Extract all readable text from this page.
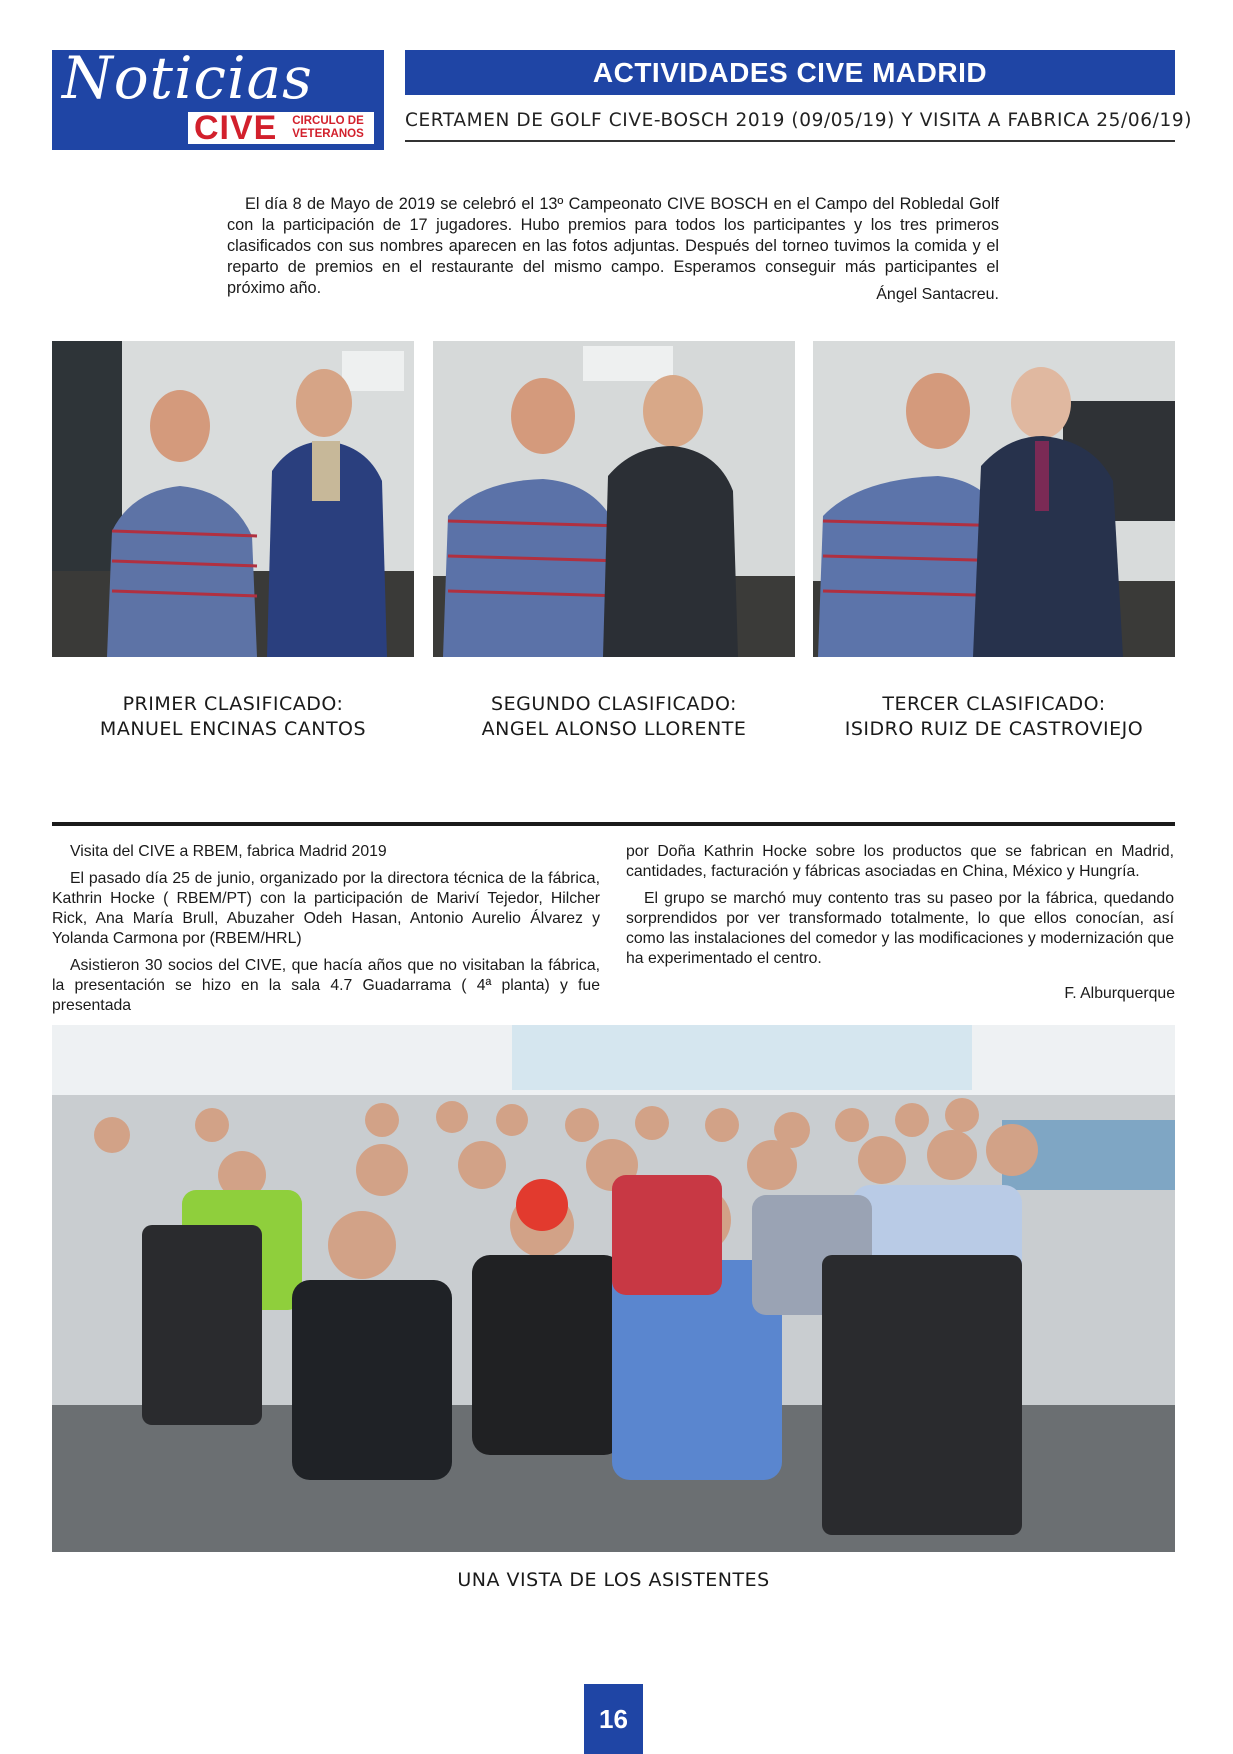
Noticias
CIVE	CIRCULO DE
VETERANOS
ACTIVIDADES CIVE MADRID
CERTAMEN DE GOLF CIVE-BOSCH 2019 (09/05/19) Y VISITA A FABRICA 25/06/19)

El día 8 de Mayo de 2019 se celebró el 13º Campeonato CIVE BOSCH en el Campo del Robledal Golf con la participación de 17 jugadores. Hubo premios para todos los participantes y los tres primeros clasificados con sus nombres aparecen en las fotos adjuntas. Después del torneo tuvimos la comida y el reparto de premios en el restaurante del mismo campo. Esperamos conseguir más participantes el próximo año.	Ángel Santacreu.
PRIMER CLASIFICADO:
MANUEL ENCINAS CANTOS
SEGUNDO CLASIFICADO:
ANGEL ALONSO LLORENTE
TERCER CLASIFICADO:
ISIDRO RUIZ DE CASTROVIEJO

Visita del CIVE a RBEM, fabrica Madrid 2019

El pasado día 25 de junio, organizado por la directora técnica de la fábrica, Kathrin Hocke ( RBEM/PT) con la participación de Mariví Tejedor, Hilcher Rick, Ana María Brull, Abuzaher Odeh Hasan, Antonio Aurelio Álvarez y Yolanda Carmona por (RBEM/HRL)

Asistieron 30 socios del CIVE, que hacía años que no visitaban la fábrica, la presentación se hizo en la sala 4.7 Guadarrama ( 4ª planta) y fue presentada

por Doña Kathrin Hocke sobre los productos que se fabrican en Madrid, cantidades, facturación y fábricas asociadas en China, México y Hungría.

El grupo se marchó muy contento tras su paseo por la fábrica, quedando sorprendidos por ver transformado totalmente, lo que ellos conocían, así como las instalaciones del comedor y las modificaciones y modernización que ha experimentado el centro.

F. Alburquerque
UNA VISTA DE LOS ASISTENTES
16
